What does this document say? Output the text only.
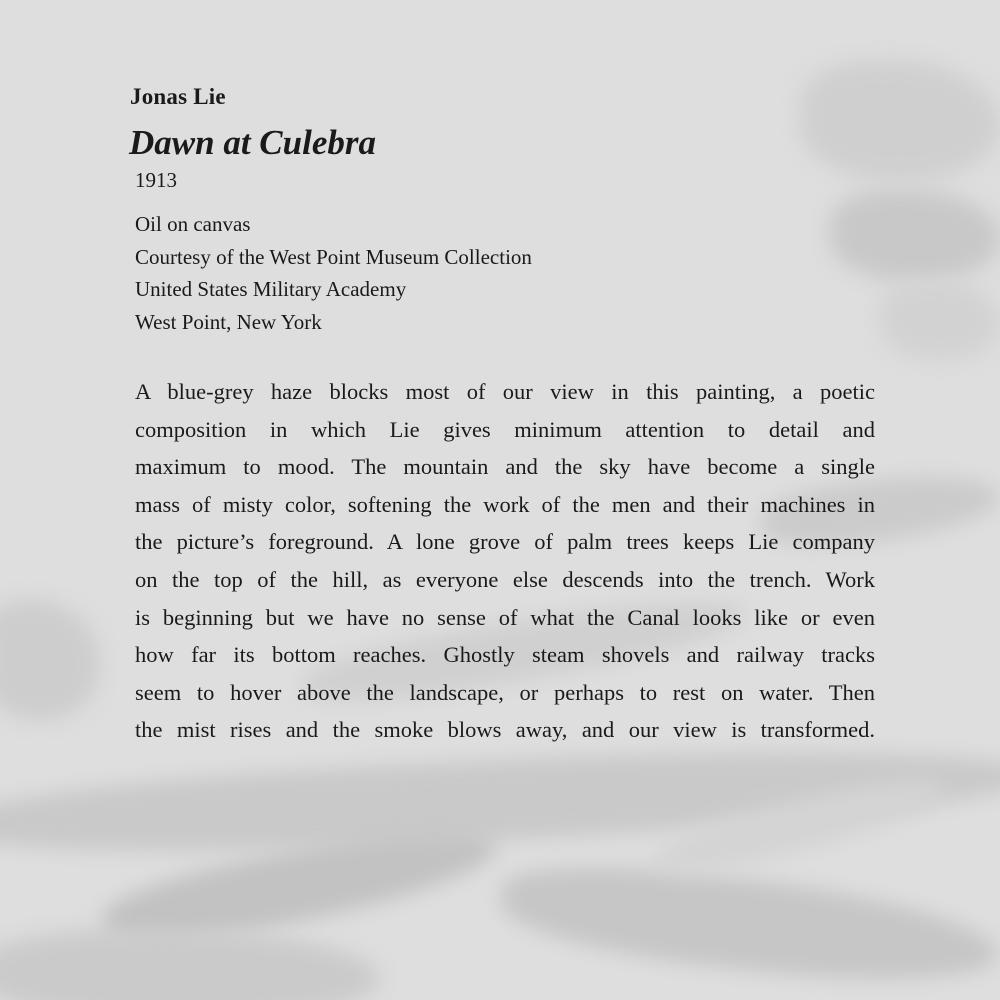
Jonas Lie
Dawn at Culebra
1913
Oil on canvas
Courtesy of the West Point Museum Collection
United States Military Academy
West Point, New York
A blue-grey haze blocks most of our view in this painting, a poetic
composition in which Lie gives minimum attention to detail and
maximum to mood. The mountain and the sky have become a single
mass of misty color, softening the work of the men and their machines in
the picture’s foreground. A lone grove of palm trees keeps Lie company
on the top of the hill, as everyone else descends into the trench. Work
is beginning but we have no sense of what the Canal looks like or even
how far its bottom reaches. Ghostly steam shovels and railway tracks
seem to hover above the landscape, or perhaps to rest on water. Then
the mist rises and the smoke blows away, and our view is transformed.
